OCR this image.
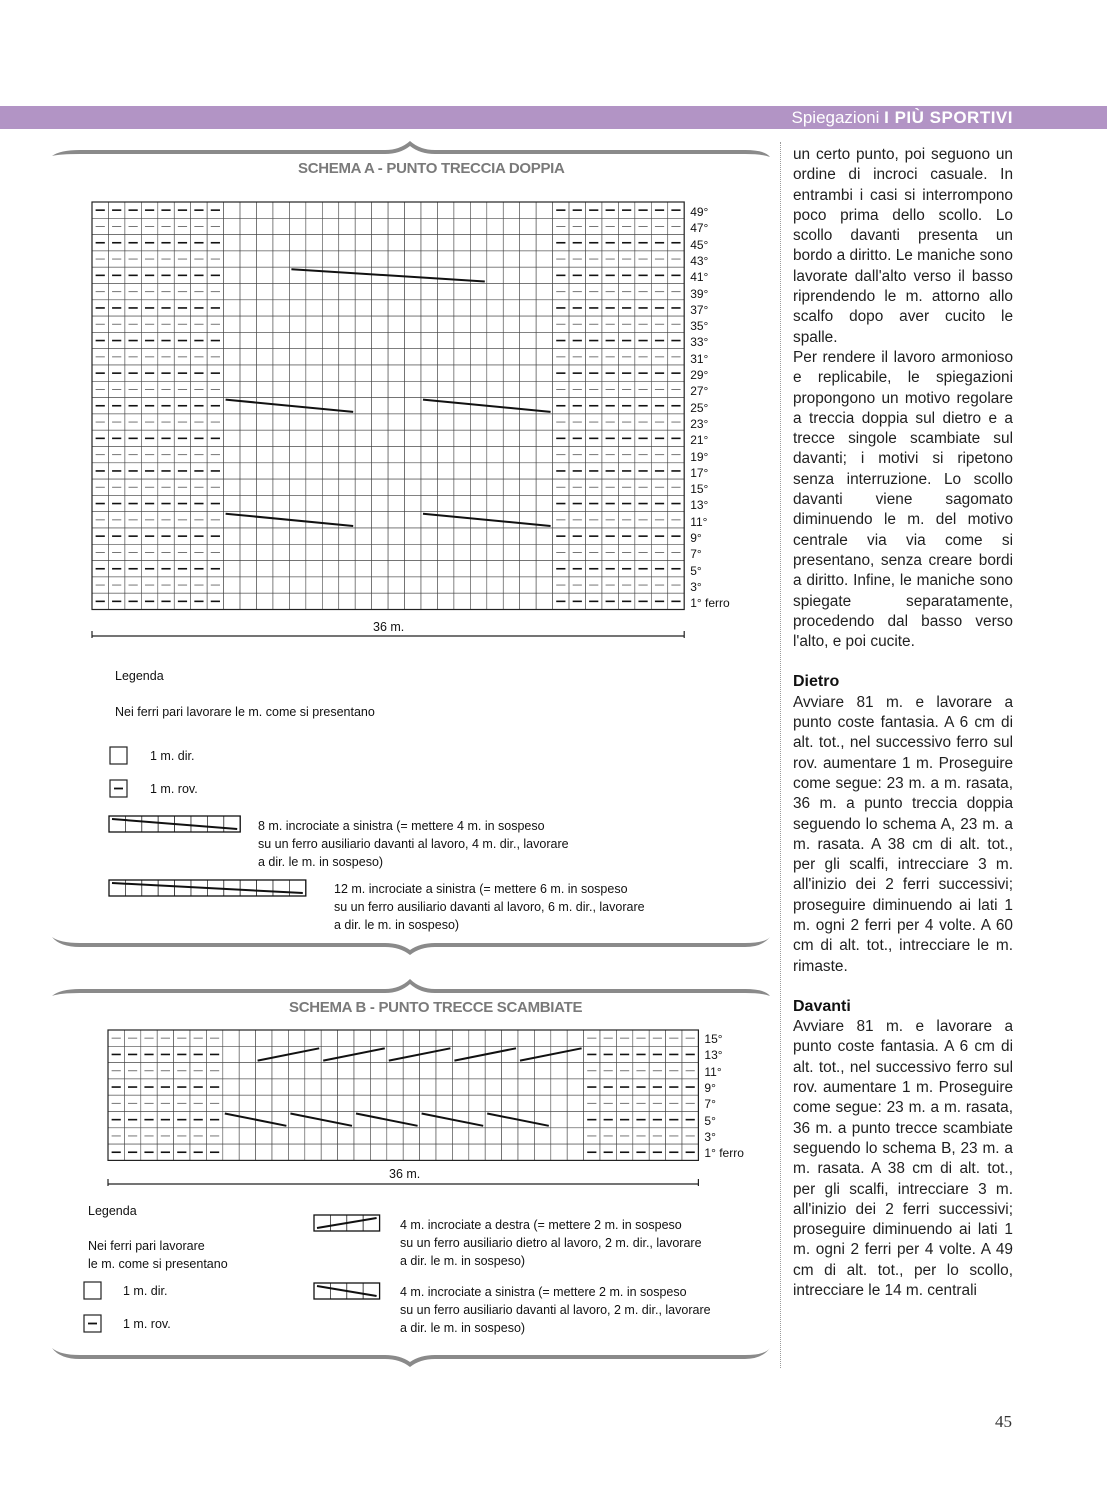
Spiegazioni I PIÙ SPORTIVI
SCHEMA A - PUNTO TRECCIA DOPPIA
49°
47°
45°
43°
41°
39°
37°
35°
33°
31°
29°
27°
25°
23°
21°
19°
17°
15°
13°
11°
9°
7°
5°
3°
1° ferro
36 m.
Legenda
Nei ferri pari lavorare le m. come si presentano
1 m. dir.
1 m. rov.
8 m. incrociate a sinistra (= mettere 4 m. in sospeso
su un ferro ausiliario davanti al lavoro, 4 m. dir., lavorare
a dir. le m. in sospeso)
12 m. incrociate a sinistra (= mettere 6 m. in sospeso
su un ferro ausiliario davanti al lavoro, 6 m. dir., lavorare
a dir. le m. in sospeso)
SCHEMA B - PUNTO TRECCE SCAMBIATE
15°
13°
11°
9°
7°
5°
3°
1° ferro
36 m.
Legenda
Nei ferri pari lavorare
le m. come si presentano
1 m. dir.
1 m. rov.
4 m. incrociate a destra (= mettere 2 m. in sospeso
su un ferro ausiliario dietro al lavoro, 2 m. dir., lavorare
a dir. le m. in sospeso)
4 m. incrociate a sinistra (= mettere 2 m. in sospeso
su un ferro ausiliario davanti al lavoro, 2 m. dir., lavorare
a dir. le m. in sospeso)

un certo punto, poi seguono un ordine di incroci casuale. In entrambi i casi si interrompono poco prima dello scollo. Lo scollo davanti presenta un bordo a diritto. Le maniche sono lavorate dall'alto verso il basso riprendendo le m. attorno allo scalfo dopo aver cucito le spalle.

Per rendere il lavoro armonioso e replicabile, le spiegazioni propongono un motivo regolare a treccia doppia sul dietro e a trecce singole scambiate sul davanti; i motivi si ripetono senza interruzione. Lo scollo davanti viene sagomato diminuendo le m. del motivo centrale via via come si presentano, senza creare bordi a diritto. Infine, le maniche sono spiegate separatamente, procedendo dal basso verso l'alto, e poi cucite.

Dietro

Avviare 81 m. e lavorare a punto coste fantasia. A 6 cm di alt. tot., nel successivo ferro sul rov. aumentare 1 m. Proseguire come segue: 23 m. a m. rasata, 36 m. a punto treccia doppia seguendo lo schema A, 23 m. a m. rasata. A 38 cm di alt. tot., per gli scalfi, intrecciare 3 m. all'inizio dei 2 ferri successivi; proseguire diminuendo ai lati 1 m. ogni 2 ferri per 4 volte. A 60 cm di alt. tot., intrecciare le m. rimaste.

Davanti

Avviare 81 m. e lavorare a punto coste fantasia. A 6 cm di alt. tot., nel successivo ferro sul rov. aumentare 1 m. Proseguire come segue: 23 m. a m. rasata, 36 m. a punto trecce scambiate seguendo lo schema B, 23 m. a m. rasata. A 38 cm di alt. tot., per gli scalfi, intrecciare 3 m. all'inizio dei 2 ferri successivi; proseguire diminuendo ai lati 1 m. ogni 2 ferri per 4 volte. A 49 cm di alt. tot., per lo scollo, intrecciare le 14 m. centrali

45
